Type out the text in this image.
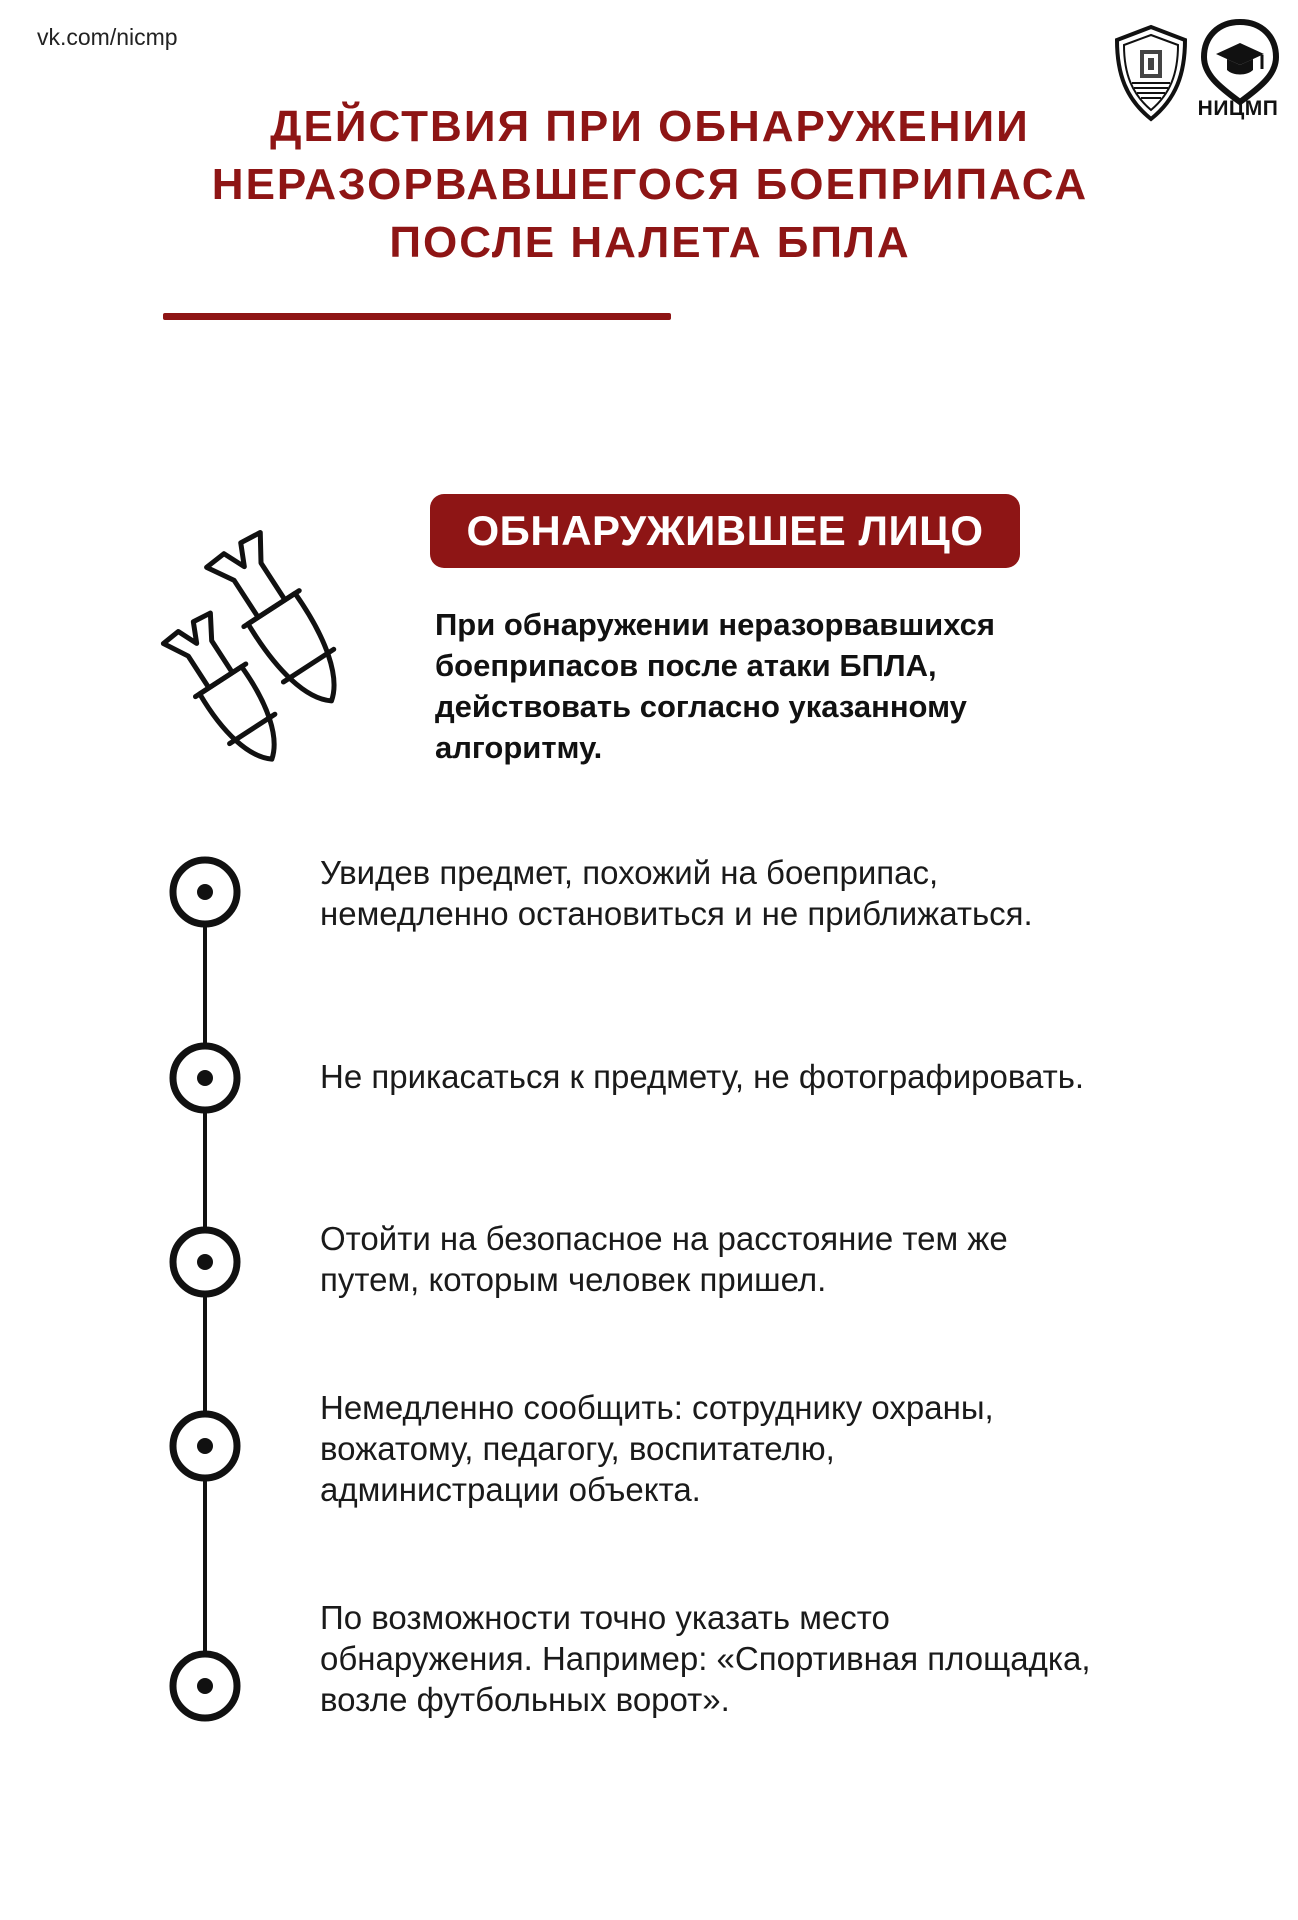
vk.com/nicmp
НИЦМП
ДЕЙСТВИЯ ПРИ ОБНАРУЖЕНИИ
НЕРАЗОРВАВШЕГОСЯ БОЕПРИПАСА
ПОСЛЕ НАЛЕТА БПЛА
ОБНАРУЖИВШЕЕ ЛИЦО
При обнаружении неразорвавшихся
боеприпасов после атаки БПЛА,
действовать согласно указанному
алгоритму.
Увидев предмет, похожий на боеприпас,
немедленно остановиться и не приближаться.
Не прикасаться к предмету, не фотографировать.
Отойти на безопасное на расстояние тем же
путем, которым человек пришел.
Немедленно сообщить: сотруднику охраны,
вожатому, педагогу, воспитателю,
администрации объекта.
По возможности точно указать место
обнаружения. Например: «Спортивная площадка,
возле футбольных ворот».
